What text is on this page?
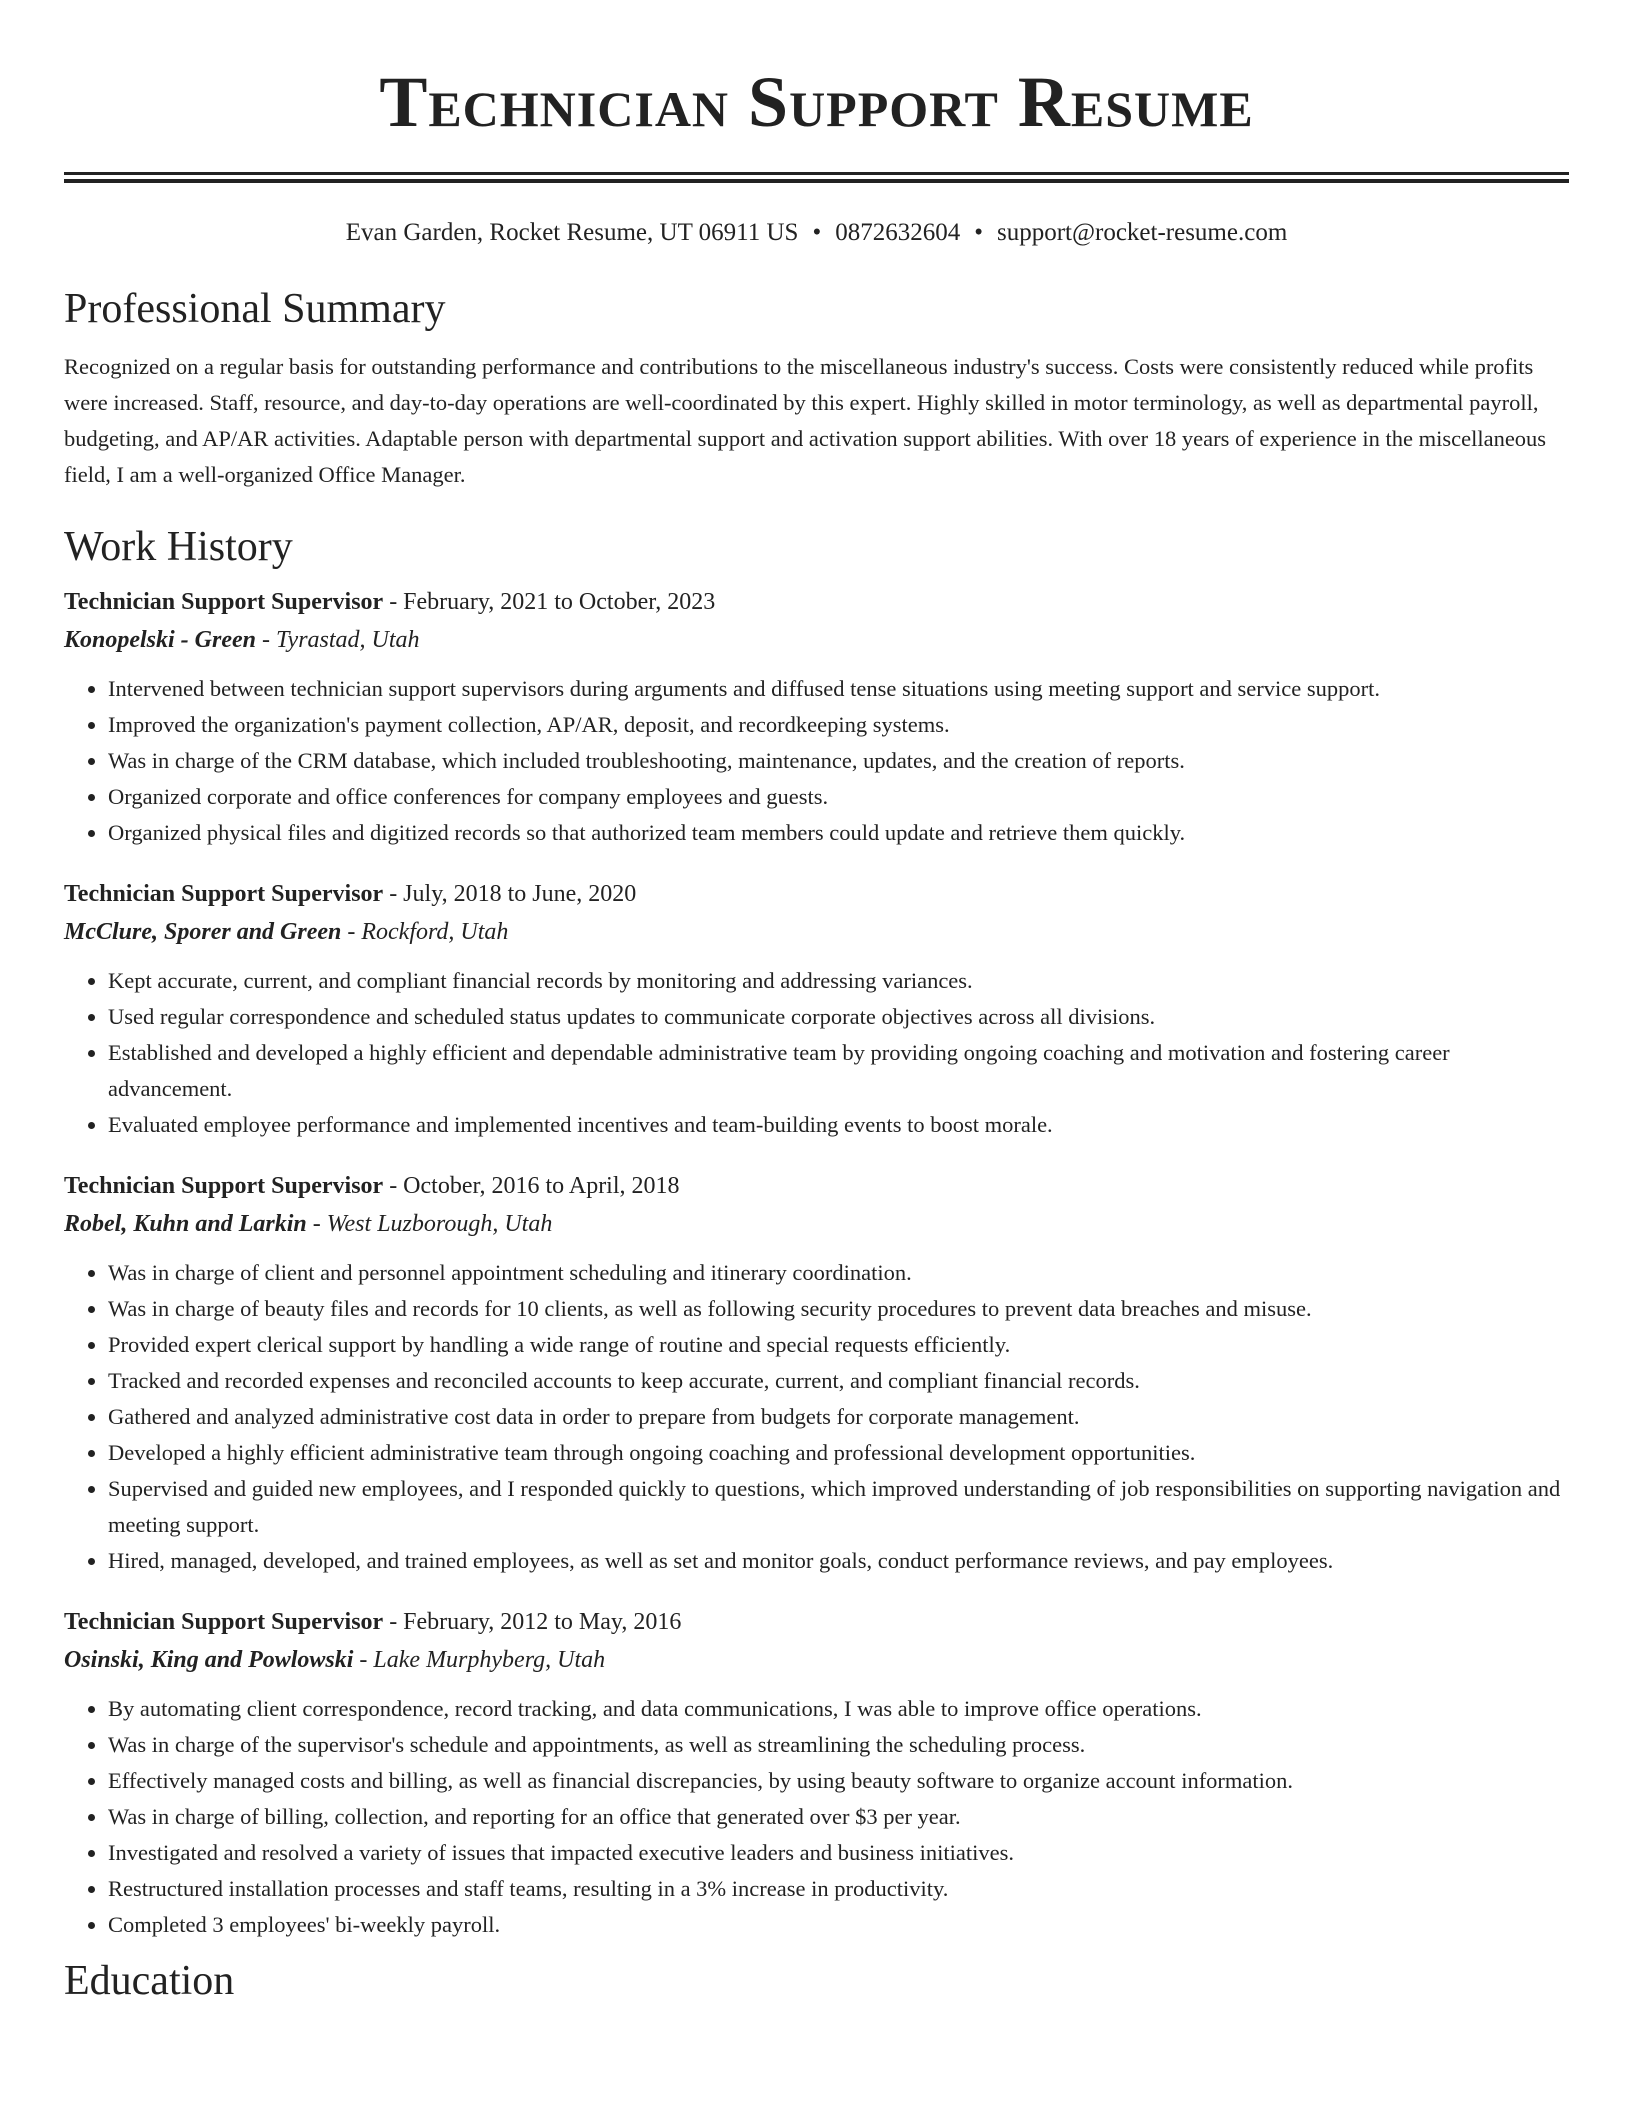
Technician Support Resume
Evan Garden, Rocket Resume, UT 06911 US • 0872632604 • support@rocket-resume.com
Professional Summary
Recognized on a regular basis for outstanding performance and contributions to the miscellaneous industry's success. Costs were consistently reduced while profits were increased. Staff, resource, and day-to-day operations are well-coordinated by this expert. Highly skilled in motor terminology, as well as departmental payroll, budgeting, and AP/AR activities. Adaptable person with departmental support and activation support abilities. With over 18 years of experience in the miscellaneous field, I am a well-organized Office Manager.
Work History
Technician Support Supervisor - February, 2021 to October, 2023
Konopelski - Green - Tyrastad, Utah
• Intervened between technician support supervisors during arguments and diffused tense situations using meeting support and service support.
• Improved the organization's payment collection, AP/AR, deposit, and recordkeeping systems.
• Was in charge of the CRM database, which included troubleshooting, maintenance, updates, and the creation of reports.
• Organized corporate and office conferences for company employees and guests.
• Organized physical files and digitized records so that authorized team members could update and retrieve them quickly.
Technician Support Supervisor - July, 2018 to June, 2020
McClure, Sporer and Green - Rockford, Utah
• Kept accurate, current, and compliant financial records by monitoring and addressing variances.
• Used regular correspondence and scheduled status updates to communicate corporate objectives across all divisions.
• Established and developed a highly efficient and dependable administrative team by providing ongoing coaching and motivation and fostering career advancement.
• Evaluated employee performance and implemented incentives and team-building events to boost morale.
Technician Support Supervisor - October, 2016 to April, 2018
Robel, Kuhn and Larkin - West Luzborough, Utah
• Was in charge of client and personnel appointment scheduling and itinerary coordination.
• Was in charge of beauty files and records for 10 clients, as well as following security procedures to prevent data breaches and misuse.
• Provided expert clerical support by handling a wide range of routine and special requests efficiently.
• Tracked and recorded expenses and reconciled accounts to keep accurate, current, and compliant financial records.
• Gathered and analyzed administrative cost data in order to prepare from budgets for corporate management.
• Developed a highly efficient administrative team through ongoing coaching and professional development opportunities.
• Supervised and guided new employees, and I responded quickly to questions, which improved understanding of job responsibilities on supporting navigation and meeting support.
• Hired, managed, developed, and trained employees, as well as set and monitor goals, conduct performance reviews, and pay employees.
Technician Support Supervisor - February, 2012 to May, 2016
Osinski, King and Powlowski - Lake Murphyberg, Utah
• By automating client correspondence, record tracking, and data communications, I was able to improve office operations.
• Was in charge of the supervisor's schedule and appointments, as well as streamlining the scheduling process.
• Effectively managed costs and billing, as well as financial discrepancies, by using beauty software to organize account information.
• Was in charge of billing, collection, and reporting for an office that generated over $3 per year.
• Investigated and resolved a variety of issues that impacted executive leaders and business initiatives.
• Restructured installation processes and staff teams, resulting in a 3% increase in productivity.
• Completed 3 employees' bi-weekly payroll.
Education
